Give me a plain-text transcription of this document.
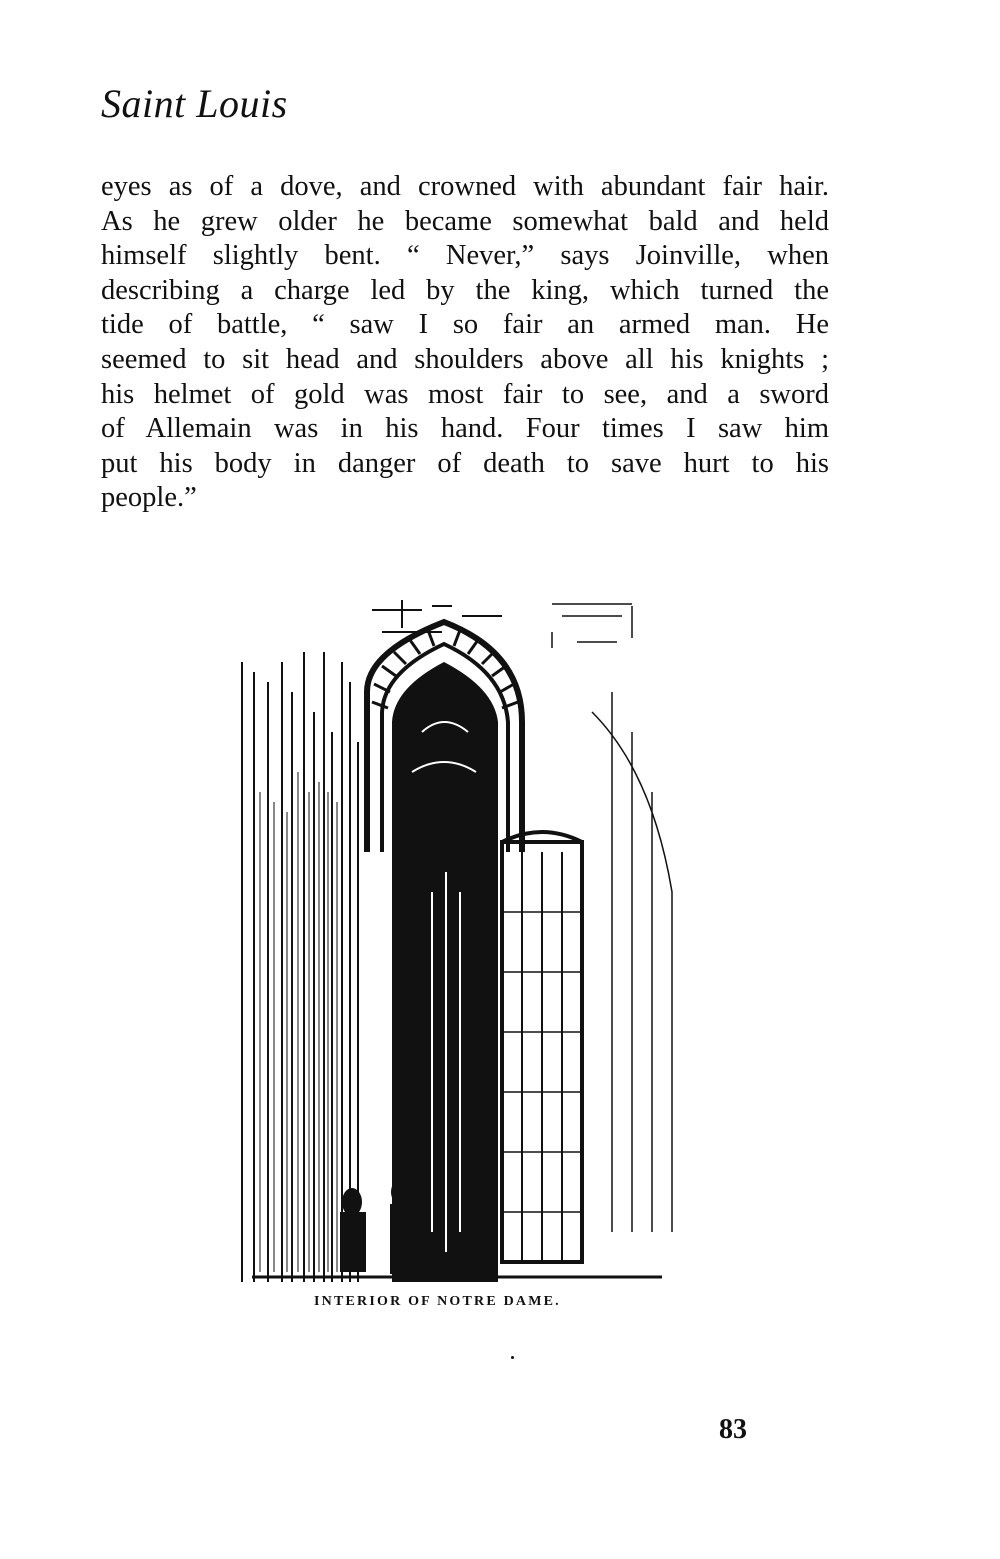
Saint Louis
eyes as of a dove, and crowned with abundant fair hair.
As he grew older he became somewhat bald and held
himself slightly bent. “ Never,” says Joinville, when
describing a charge led by the king, which turned the
tide of battle, “ saw I so fair an armed man. He
seemed to sit head and shoulders above all his knights ;
his helmet of gold was most fair to see, and a sword
of Allemain was in his hand. Four times I saw him
put his body in danger of death to save hurt to his
people.”
INTERIOR OF NOTRE DAME.
83
